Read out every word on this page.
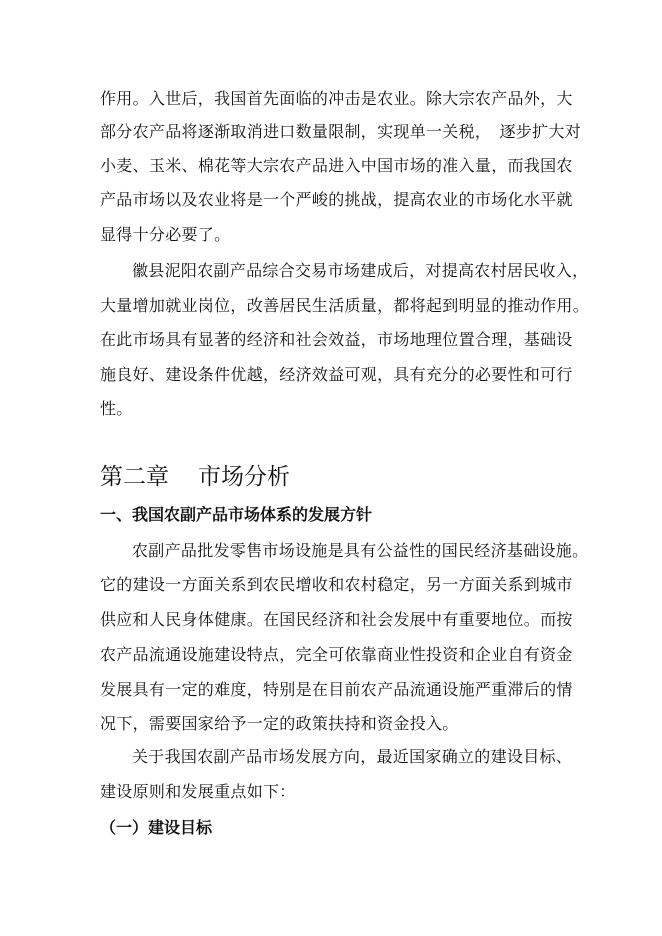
作用。入世后，我国首先面临的冲击是农业。除大宗农产品外，大
部分农产品将逐渐取消进口数量限制，实现单一关税，　逐步扩大对
小麦、玉米、棉花等大宗农产品进入中国市场的准入量，而我国农
产品市场以及农业将是一个严峻的挑战，提高农业的市场化水平就
显得十分必要了。
徽县泥阳农副产品综合交易市场建成后，对提高农村居民收入，
大量增加就业岗位，改善居民生活质量，都将起到明显的推动作用。
在此市场具有显著的经济和社会效益，市场地理位置合理，基础设
施良好、建设条件优越，经济效益可观，具有充分的必要性和可行
性。
第二章 市场分析
一、我国农副产品市场体系的发展方针
农副产品批发零售市场设施是具有公益性的国民经济基础设施。
它的建设一方面关系到农民增收和农村稳定，另一方面关系到城市
供应和人民身体健康。在国民经济和社会发展中有重要地位。而按
农产品流通设施建设特点，完全可依靠商业性投资和企业自有资金
发展具有一定的难度，特别是在目前农产品流通设施严重滞后的情
况下，需要国家给予一定的政策扶持和资金投入。
关于我国农副产品市场发展方向，最近国家确立的建设目标、
建设原则和发展重点如下：
（一）建设目标
